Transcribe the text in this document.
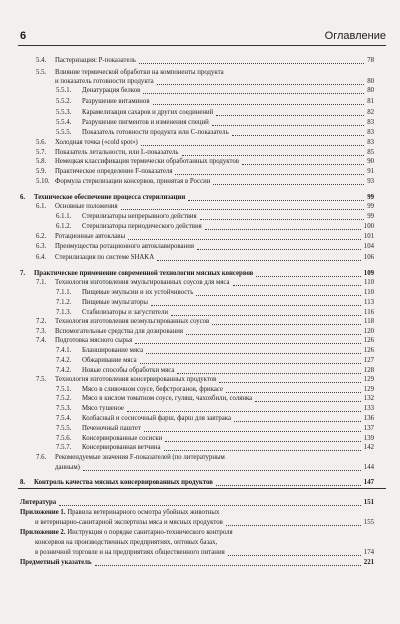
6	Оглавление
5.4. Пастеризация: P-показатель	78
5.5. Влияние термической обработки на компоненты продукта
и показатель готовности продукта	80
5.5.1. Денатурация белков	80
5.5.2. Разрушение витаминов	81
5.5.3. Карамелизация сахаров и других соединений	82
5.5.4. Разрушение пигментов и изменения специй	83
5.5.5. Показатель готовности продукта или C-показатель	83
5.6. Холодная точка («cold spot»)	83
5.7. Показатель летальности, или L-показатель	85
5.8. Немецкая классификация термически обработанных продуктов	90
5.9. Практическое определение F-показателя	91
5.10. Формула стерилизации консервов, принятая в России	93
6. Техническое обеспечение процесса стерилизации	99
6.1. Основные положения	99
6.1.1. Стерилизаторы непрерывного действия	99
6.1.2. Стерилизаторы периодического действия	100
6.2. Ротационные автоклавы	101
6.3. Преимущества ротационного автоклавирования	104
6.4. Стерилизация по системе SHAKA	106
7. Практическое применение современной технологии мясных консервов	109
7.1. Технология изготовления эмульгированных соусов для мяса	110
7.1.1. Пищевые эмульсии и их устойчивость	110
7.1.2. Пищевые эмульгаторы	113
7.1.3. Стабилизаторы и загустители	116
7.2. Технология изготовления неэмульгированных соусов	118
7.3. Вспомогательные средства для дозирования	120
7.4. Подготовка мясного сырья	126
7.4.1. Бланширование мяса	126
7.4.2. Обжаривание мяса	127
7.4.2. Новые способы обработки мяса	128
7.5. Технология изготовления консервированных продуктов	129
7.5.1. Мясо в сливочном соусе, бефстроганов, фрикасе	129
7.5.2. Мясо в кислом томатном соусе, гуляш, чахохбили, солянка	132
7.5.3. Мясо тушеное	133
7.5.4. Колбасный и сосисочный фарш, фарш для завтрака	136
7.5.5. Печеночный паштет	137
7.5.6. Консервированные сосиски	139
7.5.7. Консервированная ветчина	142
7.6. Рекомендуемые значения F-показателей (по литературным
данным)	144
8. Контроль качества мясных консервированных продуктов	147
Литература	151
Приложение 1. Правила ветеринарного осмотра убойных животных
и ветеринарно-санитарной экспертизы мяса и мясных продуктов	155
Приложение 2. Инструкция о порядке санитарно-технического контроля
консервов на производственных предприятиях, оптовых базах,
в розничной торговле и на предприятиях общественного питания	174
Предметный указатель	221
